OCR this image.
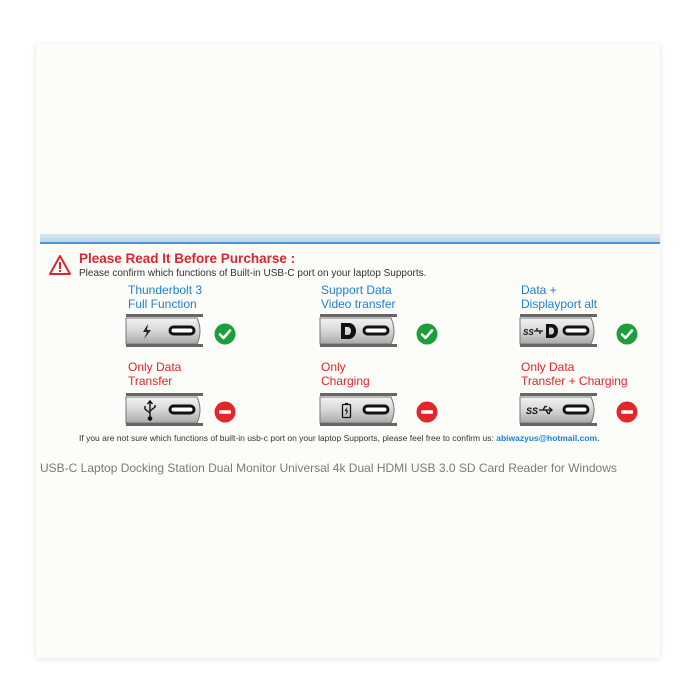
Please Read It Before Purcharse :
Please confirm which functions of Built-in USB-C port on your laptop Supports.
Thunderbolt 3
Full Function
Support Data
Video transfer
Data +
Displayport alt
SS
Only Data
Transfer
Only
Charging
Only Data
Transfer + Charging
SS
If you are not sure which functions of built-in usb-c port on your laptop Supports, please feel free to confirm us: abiwazyus@hotmail.com.
USB-C Laptop Docking Station Dual Monitor Universal 4k Dual HDMI USB 3.0 SD Card Reader for Windows
